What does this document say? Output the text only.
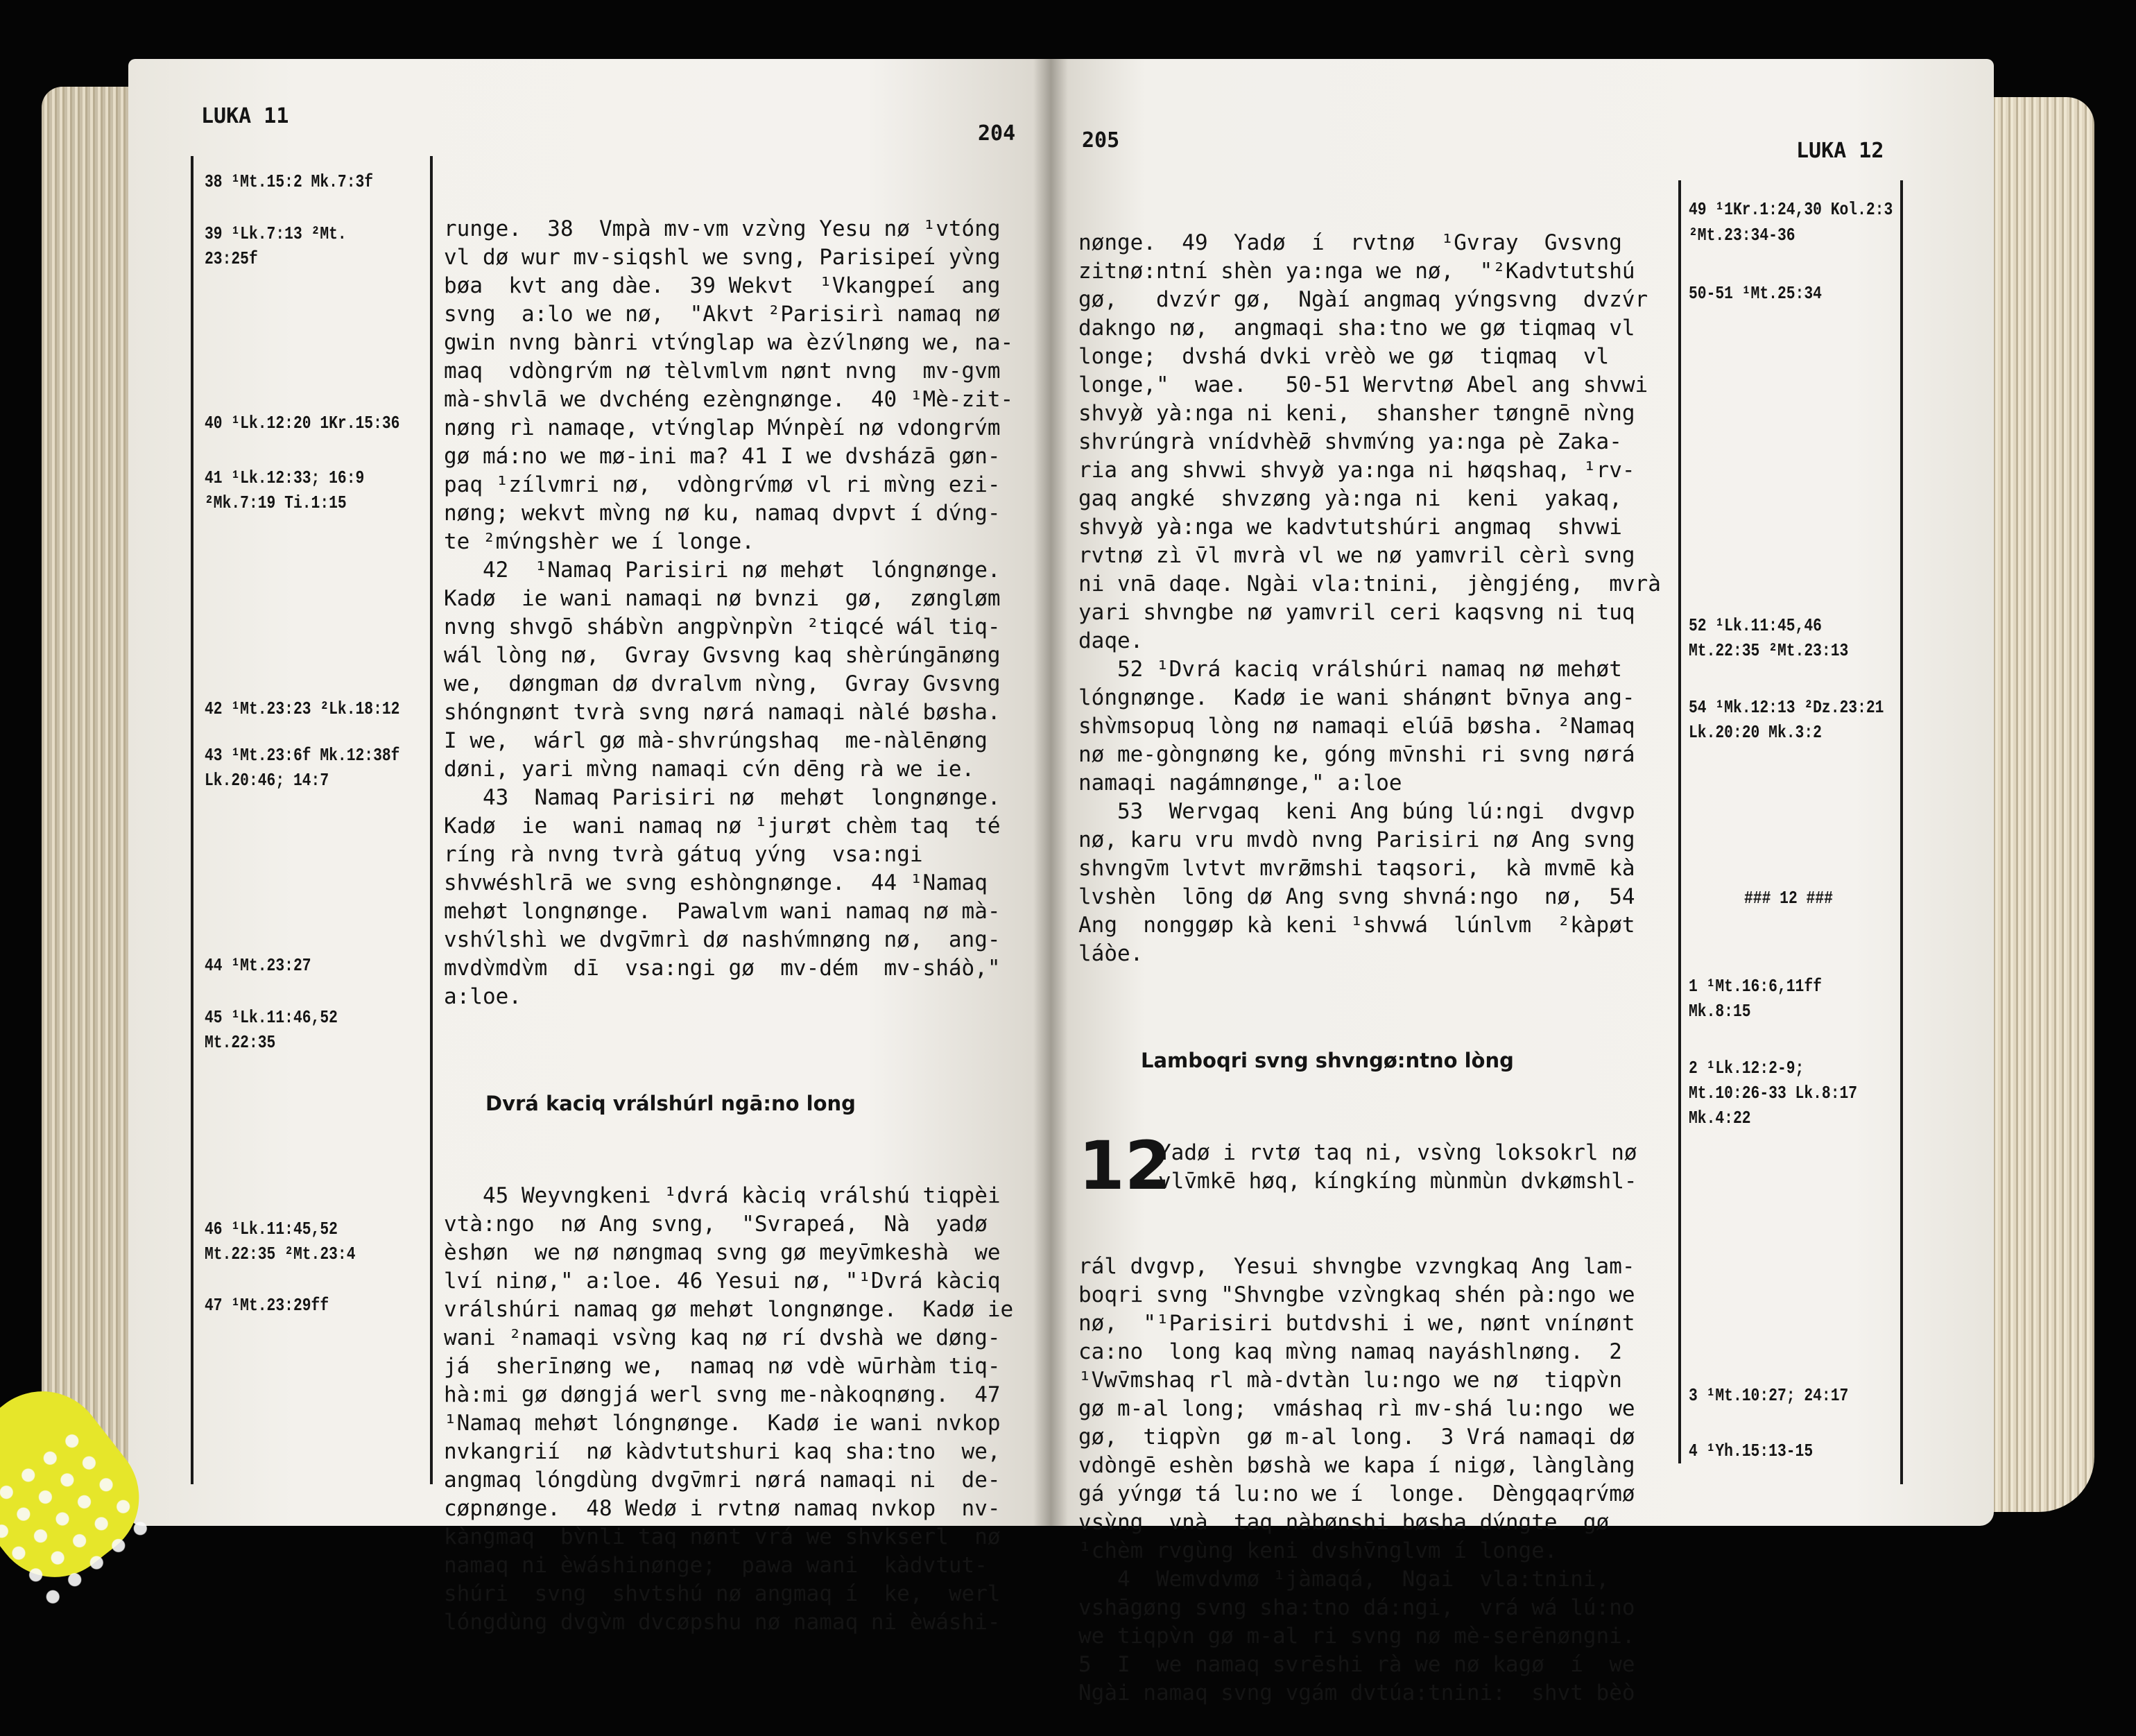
LUKA 11
204
38 ¹Mt.15:2 Mk.7:3f
39 ¹Lk.7:13 ²Mt.
23:25f
40 ¹Lk.12:20 1Kr.15:36
41 ¹Lk.12:33; 16:9
²Mk.7:19 Ti.1:15
42 ¹Mt.23:23 ²Lk.18:12
43 ¹Mt.23:6f Mk.12:38f
Lk.20:46; 14:7
44 ¹Mt.23:27
45 ¹Lk.11:46,52
Mt.22:35
46 ¹Lk.11:45,52
Mt.22:35 ²Mt.23:4
47 ¹Mt.23:29ff

runge.  38  Vmpà mv-vm vzv̀ng Yesu nø ¹vtóng
vl dø wur mv-siqshl we svng, Parisipeí yv̀ng
bøa  kvt ang dàe.  39 Wekvt  ¹Vkangpeí  ang
svng  a:lo we nø,  "Akvt ²Parisirì namaq nø
gwin nvng bànri vtv́nglap wa èzv́lnøng we, na-
maq  vdòngrv́m nø tèlvmlvm nønt nvng  mv-gvm
mà-shvlā we dvchéng ezèngnønge.  40 ¹Mè-zit-
nøng rì namaqe, vtv́nglap Mv́npèí nø vdongrv́m
gø má:no we mø-ini ma? 41 I we dvsházā gøn-
paq ¹zílvmri nø,  vdòngrv́mø vl ri mv̀ng ezi-
nøng; wekvt mv̀ng nø ku, namaq dvpvt í dv́ng-
te ²mv́ngshèr we í longe.
42  ¹Namaq Parisiri nø mehøt  lóngnønge.
Kadø  ie wani namaqi nø bvnzi  gø,  zøngløm
nvng shvgō shábv̀n angpv̀npv̀n ²tiqcé wál tiq-
wál lòng nø,  Gvray Gvsvng kaq shèrúngānøng
we,  døngman dø dvralvm nv̀ng,  Gvray Gvsvng
shóngnønt tvrà svng nørá namaqi nàlé bøsha.
I we,  wárl gø mà-shvrúngshaq  me-nàlēnøng
døni, yari mv̀ng namaqi cv́n dēng rà we ie.
43  Namaq Parisiri nø  mehøt  longnønge.
Kadø  ie  wani namaq nø ¹jurøt chèm taq  té
ríng rà nvng tvrà gátuq yv́ng  vsa:ngi
shvwéshlrā we svng eshòngnønge.  44 ¹Namaq
mehøt longnønge.  Pawalvm wani namaq nø mà-
vshv́lshì we dvgv̄mrì dø nashv́mnøng nø,  ang-
mvdv̀mdv̀m  dī  vsa:ngi gø  mv-dém  mv-sháò,"
a:loe.

Dvrá kaciq vrálshúrl ngā:no long

45 Weyvngkeni ¹dvrá kàciq vrálshú tiqpèi
vtà:ngo  nø Ang svng,  "Svrapeá,  Nà  yadø
èshøn  we nø nøngmaq svng gø meyv̄mkeshà  we
lví ninø," a:loe. 46 Yesui nø, "¹Dvrá kàciq
vrálshúri namaq gø mehøt longnønge.  Kadø ie
wani ²namaqi vsv̀ng kaq nø rí dvshà we døng-
já  sherīnøng we,  namaq nø vdè wūrhàm tiq-
hà:mi gø døngjá werl svng me-nàkoqnøng.  47
¹Namaq mehøt lóngnønge.  Kadø ie wani nvkop
nvkangrií  nø kàdvtutshuri kaq sha:tno  we,
angmaq lóngdùng dvgv̄mri nørá namaqi ni  de-
cøpnønge.  48 Wedø i rvtnø namaq nvkop  nv-
kàngmaq  bv̀nli taq nønt vrá we shvkserl  nø
namaq ni èwáshinønge;  pawa wani  kàdvtut-
shúri  svng  shvtshú nø angmaq í  ke,  werl
lóngdùng dvgv̀m dvcøpshu nø namaq ni èwáshi-

205	LUKA 12

nønge.  49  Yadø  í  rvtnø  ¹Gvray  Gvsvng
zitnø:ntní shèn ya:nga we nø,  "²Kadvtutshú
gø,   dvzv́r gø,  Ngàí angmaq yv́ngsvng  dvzv́r
dakngo nø,  angmaqi sha:tno we gø tiqmaq vl
longe;  dvshá dvki vrèò we gø  tiqmaq  vl
longe,"  wae.   50-51 Wervtnø Abel ang shvwi
shvyø̀ yà:nga ni keni,  shansher tøngnē nv̀ng
shvrúngrà vnídvhèø̄ shvmv́ng ya:nga pè Zaka-
ria ang shvwi shvyø̀ ya:nga ni høqshaq, ¹rv-
gaq angké  shvzøng yà:nga ni  keni  yakaq,
shvyø̀ yà:nga we kadvtutshúri angmaq  shvwi
rvtnø zì v̄l mvrà vl we nø yamvril cèrì svng
ni vnā daqe. Ngài vla:tnini,  jèngjéng,  mvrà
yari shvngbe nø yamvril ceri kaqsvng ni tuq
daqe.
52 ¹Dvrá kaciq vrálshúri namaq nø mehøt
lóngnønge.  Kadø ie wani shánønt bv̄nya ang-
shv̀msopuq lòng nø namaqi elúā bøsha. ²Namaq
nø me-gòngnøng ke, góng mv̄nshi ri svng nørá
namaqi nagámnønge," a:loe
53  Wervgaq  keni Ang búng lú:ngi  dvgvp
nø, karu vru mvdò nvng Parisiri nø Ang svng
shvngv̄m lvtvt mvrø̄mshi taqsori,  kà mvmē kà
lvshèn  lōng dø Ang svng shvná:ngo  nø,  54
Ang  nonggøp kà keni ¹shvwá  lúnlvm  ²kàpøt
láòe.

Lamboqri svng shvngø:ntno lòng

12

Yadø i rvtø taq ni, vsv̀ng loksokrl nø

vlv̄mkē høq, kíngkíng mùnmùn dvkømshl-

rál dvgvp,  Yesui shvngbe vzvngkaq Ang lam-
boqri svng "Shvngbe vzv̀ngkaq shén pà:ngo we
nø,  "¹Parisiri butdvshi i we, nønt vnínønt
ca:no  long kaq mv̀ng namaq nayáshlnøng.  2
¹Vwv̄mshaq rl mà-dvtàn lu:ngo we nø  tiqpv̀n
gø m-al long;  vmáshaq rì mv-shá lu:ngo  we
gø,  tiqpv̀n  gø m-al long.  3 Vrá namaqi dø
vdòngē eshèn bøshà we kapa í nigø, lànglàng
gá yv́ngø tá lu:no we í  longe.  Dèngqaqrv́mø
vsv̀ng  vnà  taq nàbønshi bøsha dv́ngte  gø
¹chèm rvgùng keni dvshv̄nglvm í longe.
4  Wemvdvmø ¹jàmaqá,  Ngai  vla:tnini,
vshāgøng svng sha:tno dá:ngi,  vrá wá lú:no
we tiqpv̀n gø m-al ri svng nø mè-serēnøngni.
5  I  we namaq svrēshi rà we nø kagø  í  we
Ngài namaq svng vgám dvtúa:tnini:  shvt bèò

49 ¹1Kr.1:24,30 Kol.2:3
²Mt.23:34-36
50-51 ¹Mt.25:34
52 ¹Lk.11:45,46
Mt.22:35 ²Mt.23:13
54 ¹Mk.12:13 ²Dz.23:21
Lk.20:20 Mk.3:2
### 12 ###
1 ¹Mt.16:6,11ff
Mk.8:15
2 ¹Lk.12:2-9;
Mt.10:26-33 Lk.8:17
Mk.4:22
3 ¹Mt.10:27; 24:17
4 ¹Yh.15:13-15
